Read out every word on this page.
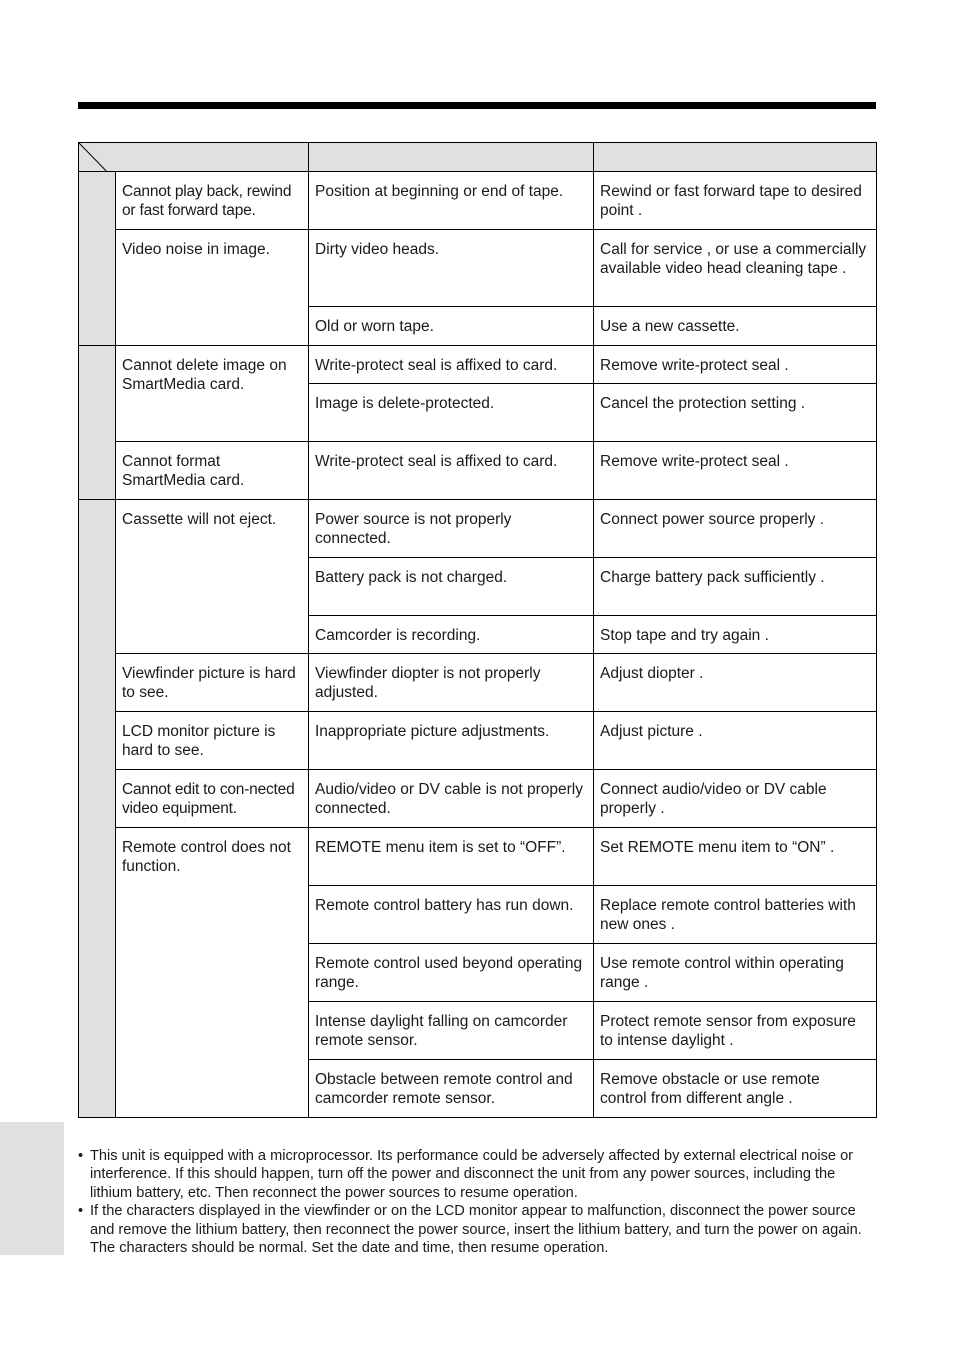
	Cannot play back, rewind or fast forward tape.	Position at beginning or end of tape.	Rewind or fast forward tape to desired point .
	Video noise in image.	Dirty video heads.	Call for service , or use a commercially available video head cleaning tape .
		Old or worn tape.	Use a new cassette.
	Cannot delete image on SmartMedia card.	Write-protect seal is affixed to card.	Remove write-protect seal .
		Image is delete-protected.	Cancel the protection setting .
	Cannot format SmartMedia card.	Write-protect seal is affixed to card.	Remove write-protect seal .
	Cassette will not eject.	Power source is not properly connected.	Connect power source properly .
		Battery pack is not charged.	Charge battery pack sufficiently .
		Camcorder is recording.	Stop tape and try again .
	Viewfinder picture is hard to see.	Viewfinder diopter is not properly adjusted.	Adjust diopter .
	LCD monitor picture is hard to see.	Inappropriate picture adjustments.	Adjust picture .
	Cannot edit to con-nected video equipment.	Audio/video or DV cable is not properly connected.	Connect audio/video or DV cable properly .
	Remote control does not function.	REMOTE menu item is set to “OFF”.	Set REMOTE menu item to “ON” .
		Remote control battery has run down.	Replace remote control batteries with new ones .
		Remote control used beyond operating range.	Use remote control within operating range .
		Intense daylight falling on camcorder remote sensor.	Protect remote sensor from exposure to intense daylight .
		Obstacle between remote control and camcorder remote sensor.	Remove obstacle or use remote control from different angle .
• This unit is equipped with a microprocessor. Its performance could be adversely affected by external electrical noise or interference. If this should happen, turn off the power and disconnect the unit from any power sources, including the lithium battery, etc. Then reconnect the power sources to resume operation.
• If the characters displayed in the viewfinder or on the LCD monitor appear to malfunction, disconnect the power source and remove the lithium battery, then reconnect the power source, insert the lithium battery, and turn the power on again. The characters should be normal. Set the date and time, then resume operation.
